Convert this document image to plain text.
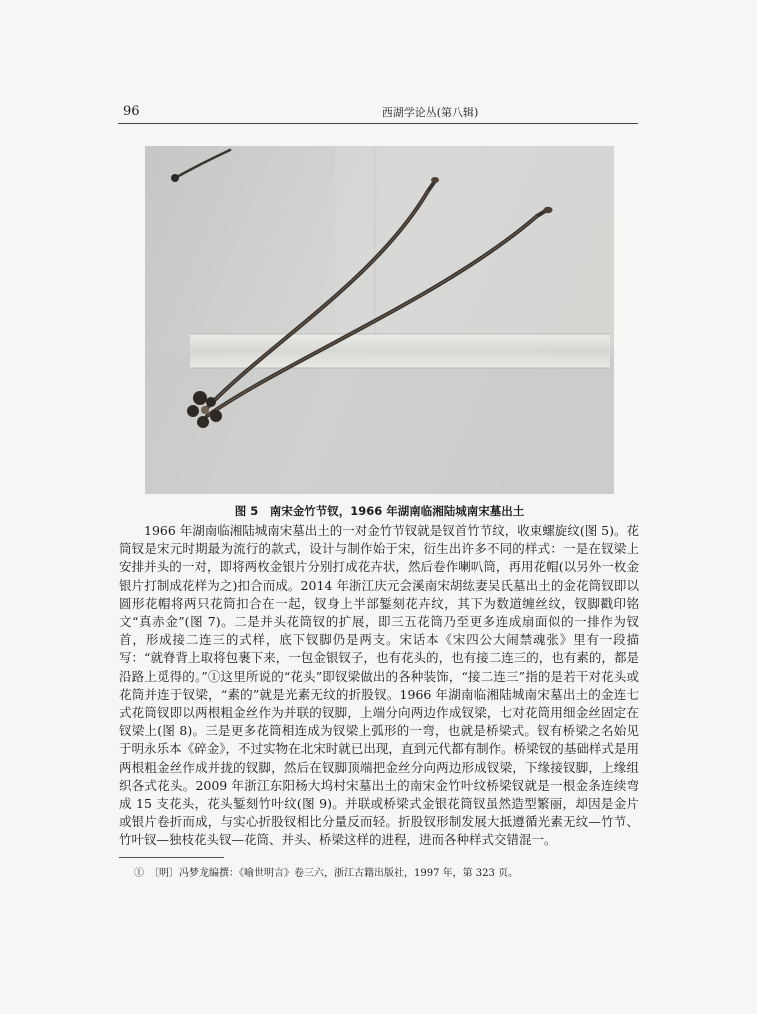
96	西湖学论丛(第八辑)
图 5　南宋金竹节钗，1966 年湖南临湘陆城南宋墓出土

1966 年湖南临湘陆城南宋墓出土的一对金竹节钗就是钗首竹节纹，收束螺旋纹(图 5)。花筒钗是宋元时期最为流行的款式，设计与制作始于宋，衍生出许多不同的样式：一是在钗梁上安排并头的一对，即将两枚金银片分别打成花卉状，然后卷作喇叭筒，再用花帽(以另外一枚金银片打制成花样为之)扣合而成。2014 年浙江庆元会溪南宋胡纮妻吴氏墓出土的金花筒钗即以圆形花帽将两只花筒扣合在一起，钗身上半部錾刻花卉纹，其下为数道缠丝纹，钗脚戳印铭文“真赤金”(图 7)。二是并头花筒钗的扩展，即三五花筒乃至更多连成扇面似的一排作为钗首，形成接二连三的式样，底下钗脚仍是两支。宋话本《宋四公大闹禁魂张》里有一段描写：“就脊背上取将包裹下来，一包金银钗子，也有花头的，也有接二连三的，也有素的，都是沿路上觅得的。”①这里所说的“花头”即钗梁做出的各种装饰，“接二连三”指的是若干对花头或花筒并连于钗梁，“素的”就是光素无纹的折股钗。1966 年湖南临湘陆城南宋墓出土的金连七式花筒钗即以两根粗金丝作为并联的钗脚，上端分向两边作成钗梁，七对花筒用细金丝固定在钗梁上(图 8)。三是更多花筒相连成为钗梁上弧形的一弯，也就是桥梁式。钗有桥梁之名始见于明永乐本《碎金》，不过实物在北宋时就已出现，直到元代都有制作。桥梁钗的基础样式是用两根粗金丝作成并拢的钗脚，然后在钗脚顶端把金丝分向两边形成钗梁，下缘接钗脚，上缘组织各式花头。2009 年浙江东阳杨大坞村宋墓出土的南宋金竹叶纹桥梁钗就是一根金条连续弯成 15 支花头，花头錾刻竹叶纹(图 9)。并联或桥梁式金银花筒钗虽然造型繁丽，却因是金片或银片卷折而成，与实心折股钗相比分量反而轻。折股钗形制发展大抵遵循光素无纹—竹节、竹叶钗—独枝花头钗—花筒、并头、桥梁这样的进程，进而各种样式交错混一。

①　〔明〕冯梦龙编撰：《喻世明言》卷三六，浙江古籍出版社，1997 年，第 323 页。
